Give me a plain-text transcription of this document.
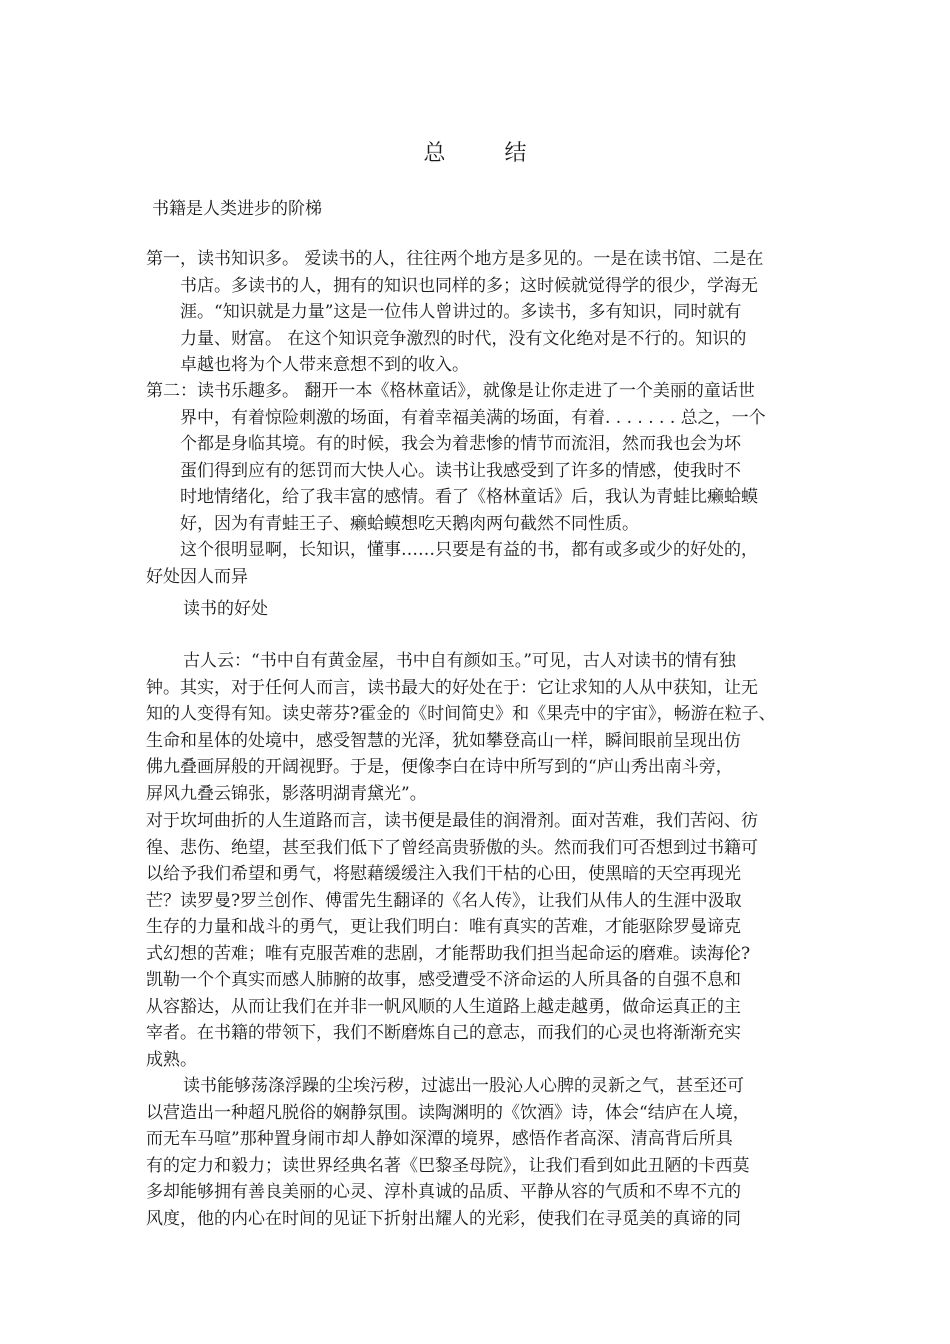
总 结
书籍是人类进步的阶梯
第一，读书知识多。 爱读书的人，往往两个地方是多见的。一是在读书馆、二是在
书店。多读书的人，拥有的知识也同样的多；这时候就觉得学的很少，学海无
涯。“知识就是力量”这是一位伟人曾讲过的。多读书，多有知识，同时就有
力量、财富。 在这个知识竞争激烈的时代，没有文化绝对是不行的。知识的
卓越也将为个人带来意想不到的收入。
第二：读书乐趣多。 翻开一本《格林童话》，就像是让你走进了一个美丽的童话世
界中，有着惊险刺激的场面，有着幸福美满的场面，有着. . . . . . . 总之，一个
个都是身临其境。有的时候，我会为着悲惨的情节而流泪，然而我也会为坏
蛋们得到应有的惩罚而大快人心。读书让我感受到了许多的情感，使我时不
时地情绪化，给了我丰富的感情。看了《格林童话》后，我认为青蛙比癞蛤蟆
好，因为有青蛙王子、癞蛤蟆想吃天鹅肉两句截然不同性质。
这个很明显啊，长知识，懂事……只要是有益的书，都有或多或少的好处的，
好处因人而异
读书的好处
古人云：“书中自有黄金屋，书中自有颜如玉。”可见，古人对读书的情有独
钟。其实，对于任何人而言，读书最大的好处在于：它让求知的人从中获知，让无
知的人变得有知。读史蒂芬?霍金的《时间简史》和《果壳中的宇宙》，畅游在粒子、
生命和星体的处境中，感受智慧的光泽，犹如攀登高山一样，瞬间眼前呈现出仿
佛九叠画屏般的开阔视野。于是，便像李白在诗中所写到的“庐山秀出南斗旁，
屏风九叠云锦张，影落明湖青黛光”。
对于坎坷曲折的人生道路而言，读书便是最佳的润滑剂。面对苦难，我们苦闷、彷
徨、悲伤、绝望，甚至我们低下了曾经高贵骄傲的头。然而我们可否想到过书籍可
以给予我们希望和勇气，将慰藉缓缓注入我们干枯的心田，使黑暗的天空再现光
芒？读罗曼?罗兰创作、傅雷先生翻译的《名人传》，让我们从伟人的生涯中汲取
生存的力量和战斗的勇气，更让我们明白：唯有真实的苦难，才能驱除罗曼谛克
式幻想的苦难；唯有克服苦难的悲剧，才能帮助我们担当起命运的磨难。读海伦?
凯勒一个个真实而感人肺腑的故事，感受遭受不济命运的人所具备的自强不息和
从容豁达，从而让我们在并非一帆风顺的人生道路上越走越勇，做命运真正的主
宰者。在书籍的带领下，我们不断磨炼自己的意志，而我们的心灵也将渐渐充实
成熟。
读书能够荡涤浮躁的尘埃污秽，过滤出一股沁人心脾的灵新之气，甚至还可
以营造出一种超凡脱俗的娴静氛围。读陶渊明的《饮酒》诗，体会“结庐在人境，
而无车马喧”那种置身闹市却人静如深潭的境界，感悟作者高深、清高背后所具
有的定力和毅力；读世界经典名著《巴黎圣母院》，让我们看到如此丑陋的卡西莫
多却能够拥有善良美丽的心灵、淳朴真诚的品质、平静从容的气质和不卑不亢的
风度，他的内心在时间的见证下折射出耀人的光彩，使我们在寻觅美的真谛的同
